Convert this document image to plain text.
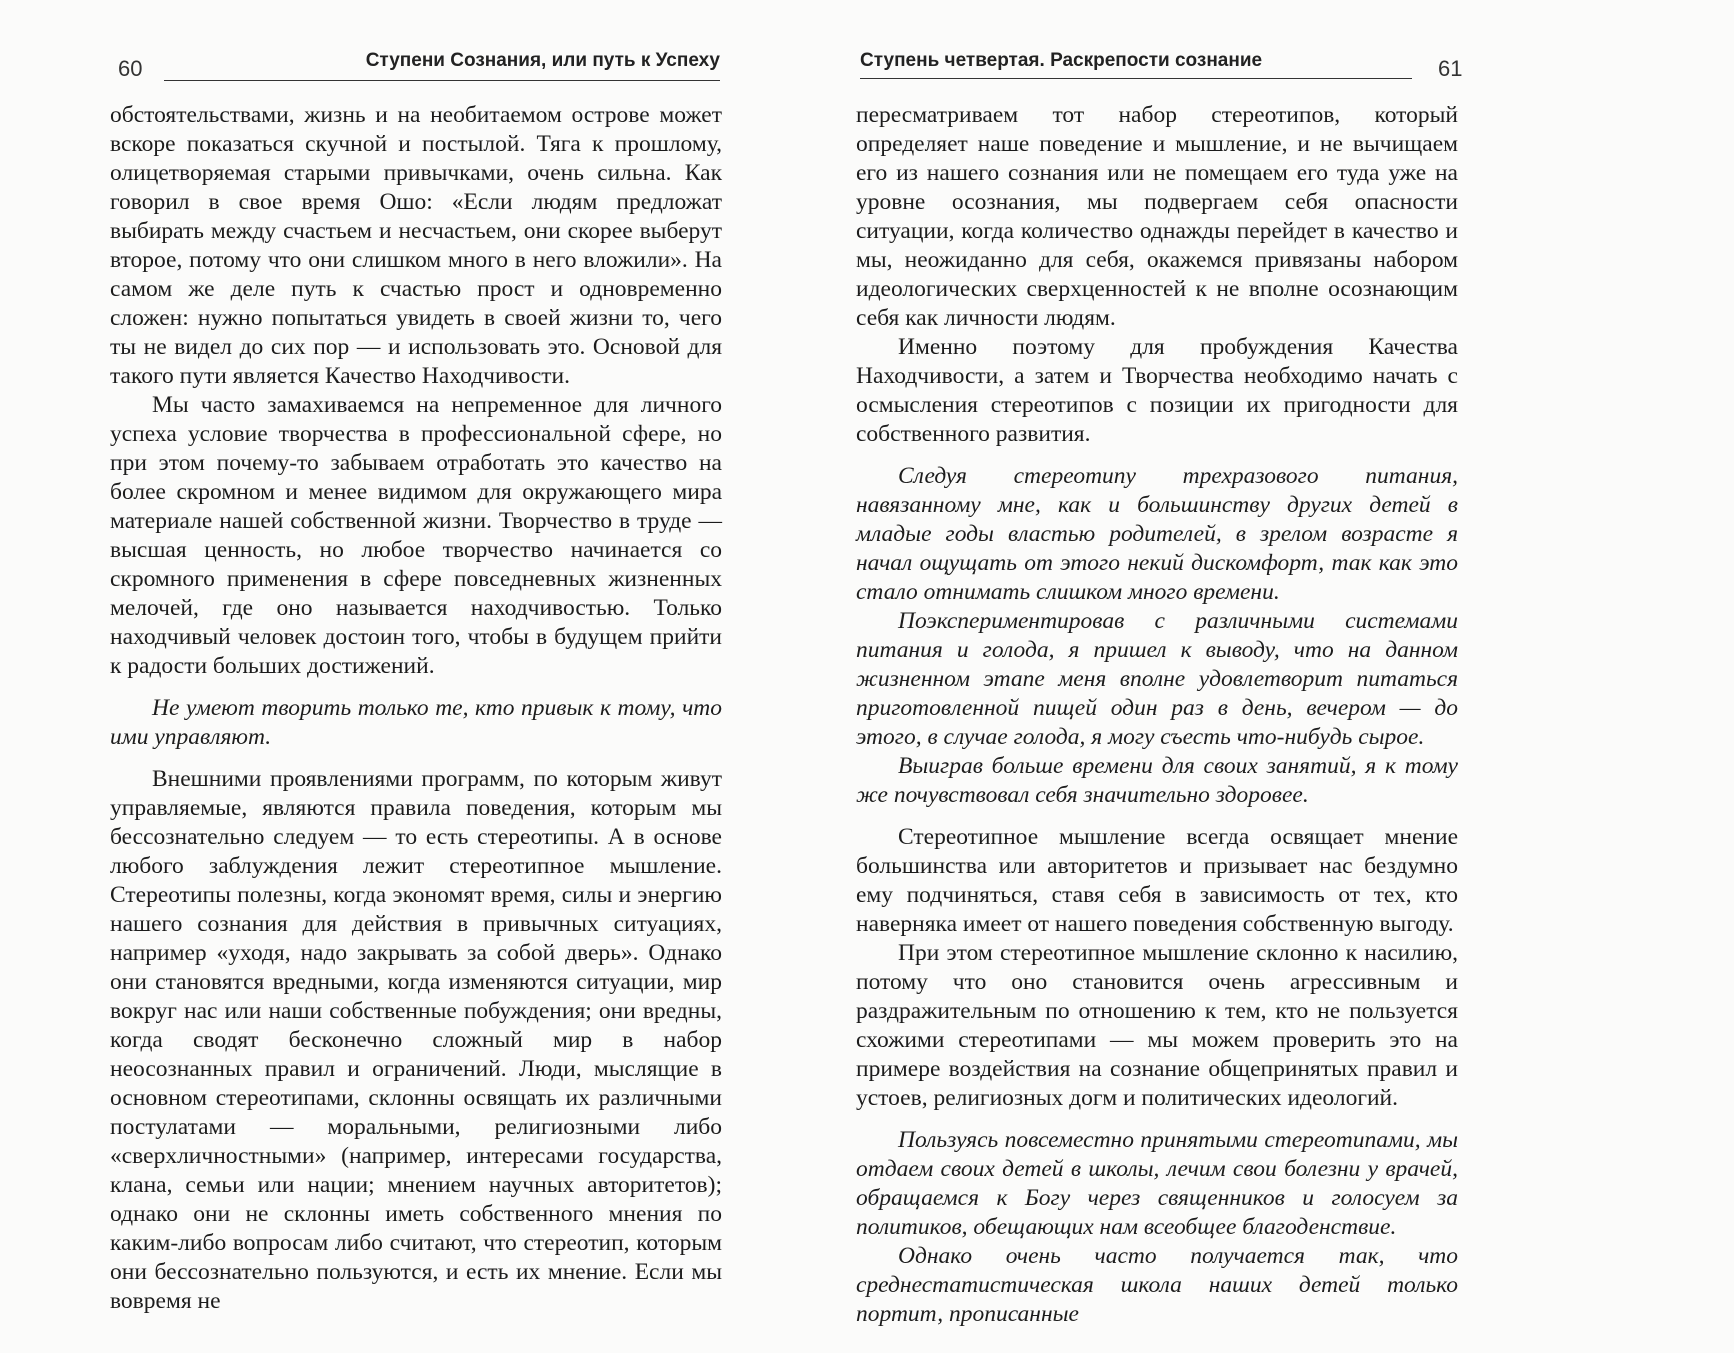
60	Ступени Сознания, или путь к Успеху

обстоятельствами, жизнь и на необитаемом острове может вскоре показаться скучной и постылой. Тяга к прошлому, олицетворяемая старыми привычками, очень сильна. Как говорил в свое время Ошо: «Если людям предложат выбирать между счастьем и несчастьем, они скорее выберут второе, потому что они слишком много в него вложили». На самом же деле путь к счастью прост и одновременно сложен: нужно попытаться увидеть в своей жизни то, чего ты не видел до сих пор — и использовать это. Основой для такого пути является Качество Находчивости.

Мы часто замахиваемся на непременное для личного успеха условие творчества в профессиональной сфере, но при этом почему-то забываем отработать это качество на более скромном и менее видимом для окружающего мира материале нашей собственной жизни. Творчество в труде — высшая ценность, но любое творчество начинается со скромного применения в сфере повседневных жизненных мелочей, где оно называется находчивостью. Только находчивый человек достоин того, чтобы в будущем прийти к радости больших достижений.

Не умеют творить только те, кто привык к тому, что ими управляют.

Внешними проявлениями программ, по которым живут управляемые, являются правила поведения, которым мы бессознательно следуем — то есть стереотипы. А в основе любого заблуждения лежит стереотипное мышление. Стереотипы полезны, когда экономят время, силы и энергию нашего сознания для действия в привычных ситуациях, например «уходя, надо закрывать за собой дверь». Однако они становятся вредными, когда изменяются ситуации, мир вокруг нас или наши собственные побуждения; они вредны, когда сводят бесконечно сложный мир в набор неосознанных правил и ограничений. Люди, мыслящие в основном стереотипами, склонны освящать их различными постулатами — моральными, религиозными либо «сверхличностными» (например, интересами государства, клана, семьи или нации; мнением научных авторитетов); однако они не склонны иметь собственного мнения по каким-либо вопросам либо считают, что стереотип, которым они бессознательно пользуются, и есть их мнение. Если мы вовремя не

Ступень четвертая. Раскрепости сознание	61

пересматриваем тот набор стереотипов, который определяет наше поведение и мышление, и не вычищаем его из нашего сознания или не помещаем его туда уже на уровне осознания, мы подвергаем себя опасности ситуации, когда количество однажды перейдет в качество и мы, неожиданно для себя, окажемся привязаны набором идеологических сверхценностей к не вполне осознающим себя как личности людям.

Именно поэтому для пробуждения Качества Находчивости, а затем и Творчества необходимо начать с осмысления стереотипов с позиции их пригодности для собственного развития.

Следуя стереотипу трехразового питания, навязанному мне, как и большинству других детей в младые годы властью родителей, в зрелом возрасте я начал ощущать от этого некий дискомфорт, так как это стало отнимать слишком много времени.

Поэкспериментировав с различными системами питания и голода, я пришел к выводу, что на данном жизненном этапе меня вполне удовлетворит питаться приготовленной пищей один раз в день, вечером — до этого, в случае голода, я могу съесть что-нибудь сырое.

Выиграв больше времени для своих занятий, я к тому же почувствовал себя значительно здоровее.

Стереотипное мышление всегда освящает мнение большинства или авторитетов и призывает нас бездумно ему подчиняться, ставя себя в зависимость от тех, кто наверняка имеет от нашего поведения собственную выгоду.

При этом стереотипное мышление склонно к насилию, потому что оно становится очень агрессивным и раздражительным по отношению к тем, кто не пользуется схожими стереотипами — мы можем проверить это на примере воздействия на сознание общепринятых правил и устоев, религиозных догм и политических идеологий.

Пользуясь повсеместно принятыми стереотипами, мы отдаем своих детей в школы, лечим свои болезни у врачей, обращаемся к Богу через священников и голосуем за политиков, обещающих нам всеобщее благоденствие.

Однако очень часто получается так, что среднестатистическая школа наших детей только портит, прописанные
